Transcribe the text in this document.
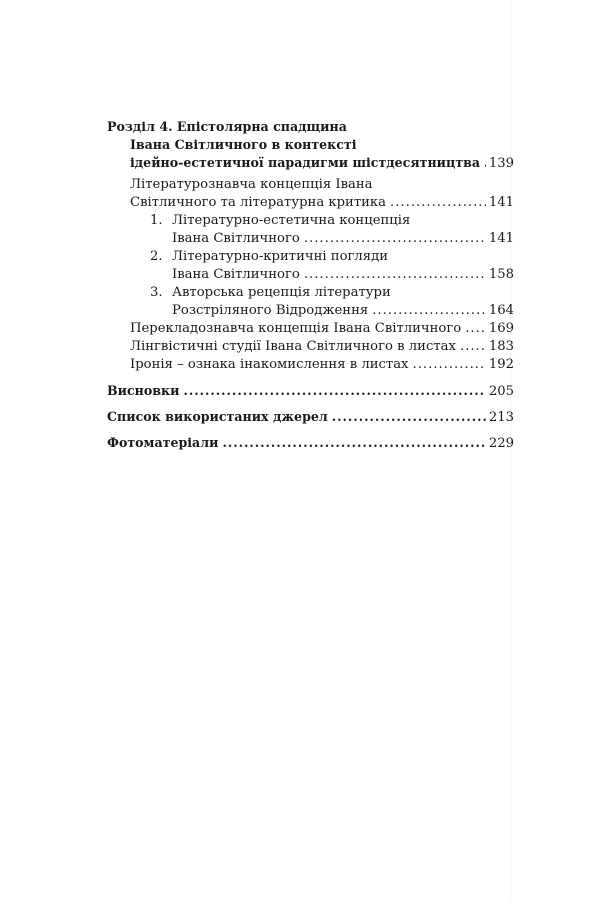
Розділ 4. Епістолярна спадщина
Івана Світличного в контексті
ідейно-естетичної парадигми шістдесятництва ..... 139
Літературознавча концепція Івана
Світличного та літературна критика .....	141
1. Літературно-естетична концепція
Івана Світличного .....	141
2. Літературно-критичні погляди
Івана Світличного .....	158
3. Авторська рецепція літератури
Розстріляного Відродження .....	164
Перекладознавча концепція Івана Світличного ..... 169
Лінгвістичні студії Івана Світличного в листах ..... 183
Іронія – ознака інакомислення в листах .....	192
Висновки .....	205
Список використаних джерел .....	213
Фотоматеріали .....	229
